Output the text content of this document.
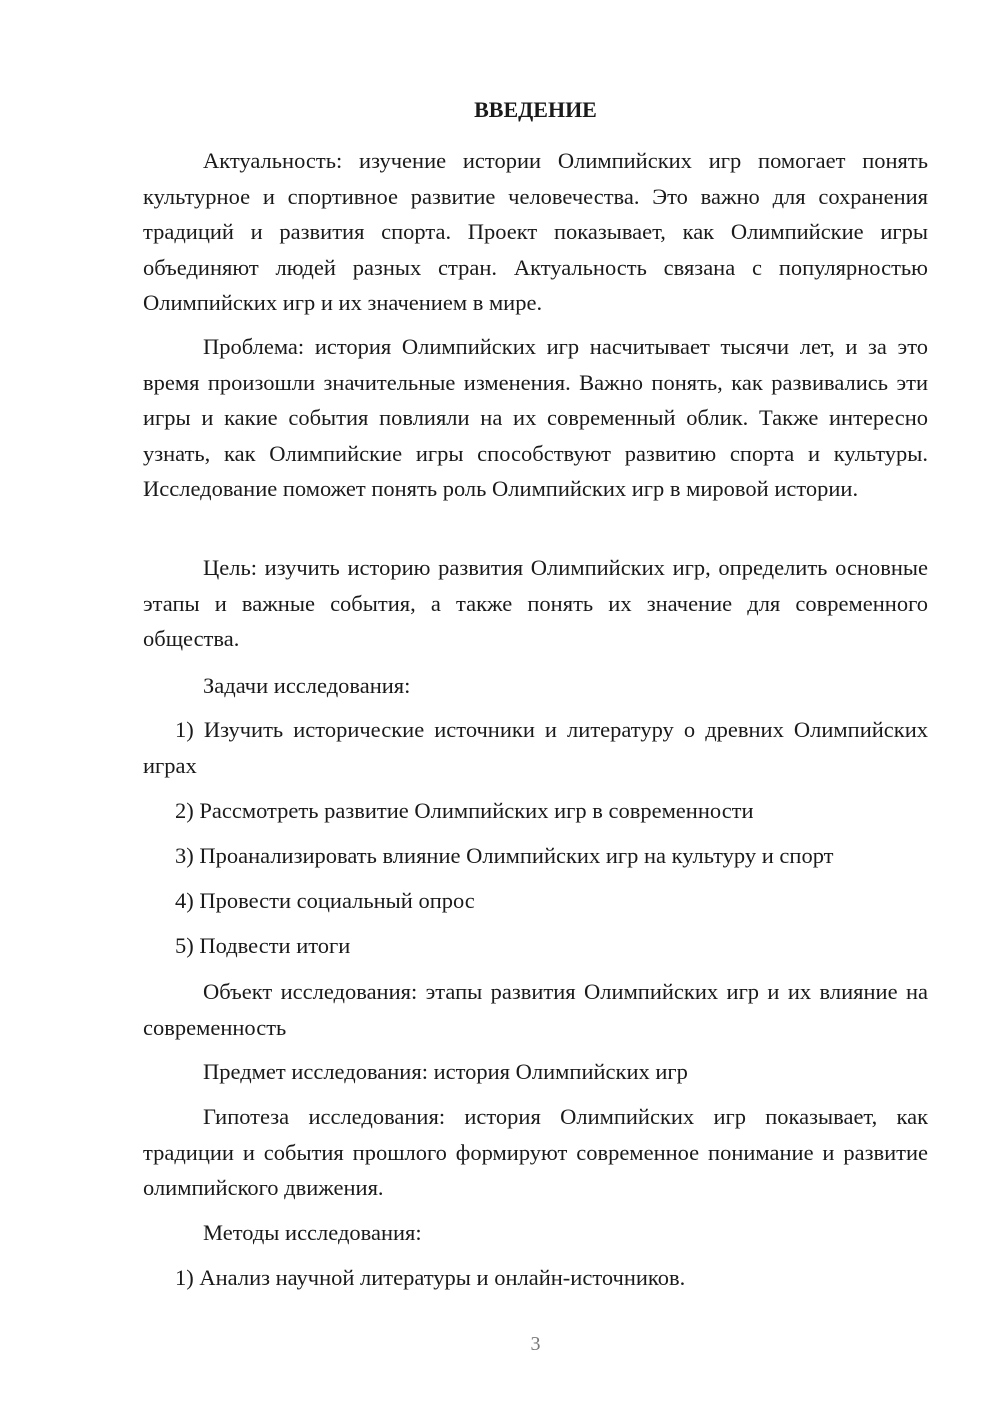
ВВЕДЕНИЕ

Актуальность: изучение истории Олимпийских игр помогает понять культурное и спортивное развитие человечества. Это важно для сохранения традиций и развития спорта. Проект показывает, как Олимпийские игры объединяют людей разных стран. Актуальность связана с популярностью Олимпийских игр и их значением в мире.

Проблема: история Олимпийских игр насчитывает тысячи лет, и за это время произошли значительные изменения. Важно понять, как развивались эти игры и какие события повлияли на их современный облик. Также интересно узнать, как Олимпийские игры способствуют развитию спорта и культуры. Исследование поможет понять роль Олимпийских игр в мировой истории.

Цель: изучить историю развития Олимпийских игр, определить основные этапы и важные события, а также понять их значение для современного общества.

Задачи исследования:

1) Изучить исторические источники и литературу о древних Олимпийских играх

2) Рассмотреть развитие Олимпийских игр в современности

3) Проанализировать влияние Олимпийских игр на культуру и спорт

4) Провести социальный опрос

5) Подвести итоги

Объект исследования: этапы развития Олимпийских игр и их влияние на современность

Предмет исследования: история Олимпийских игр

Гипотеза исследования: история Олимпийских игр показывает, как традиции и события прошлого формируют современное понимание и развитие олимпийского движения.

Методы исследования:

1) Анализ научной литературы и онлайн-источников.

3
